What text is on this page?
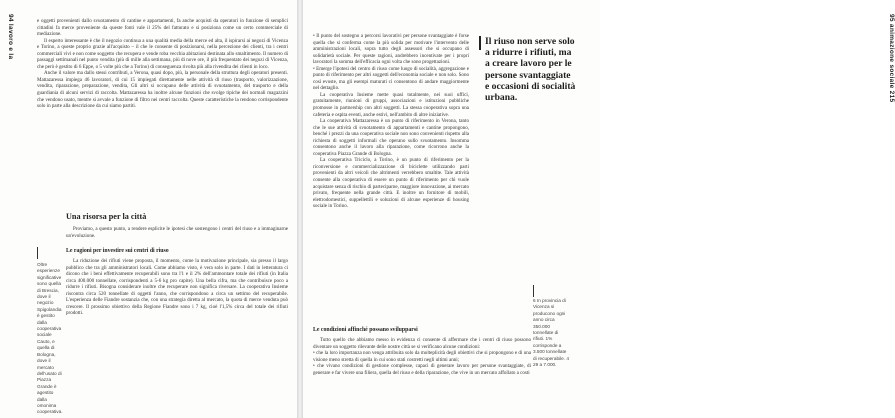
94 lavoro e la	e oggetti provenienti dallo svuotamento di cantine e appartamenti, fa anche acquisti da operatori in funzione di semplici cittadini fa merce proveniente da queste fonti vale il 25% del fatturato e si posiziona come un certo commerciale di mediazione.

Il esperto interessante è che il negozio continua a una qualità media della merce ed alta, il ispirarsi ai negozi di Vicenza e Torino, a queste proprio grazie all'acquisto – il che le consente di posizionarsi, nella percezione dei clienti, tra i centri commerciali vivi e non come soggetto che recupera e vende roba vecchia abitazioni destinata allo smaltimento. Il numero di passaggi settimanali nel punto vendita (più di mille alla settimana, più di nove ore, il più frequentato dei negozi di Vicenza, che però è gestito di 6 Eppe, o 5 volte più che a Torino) di conseguenza rivolta più alla rivendita dei clienti in loco.

Anche il valore ma dallo stessi contributi, a Verona, quasi dopo, più, la personale della struttura degli operatori presenti. Mattazaressa impiega 46 lavoratori, di cui 15 impiegati direttamente nelle attività di riuso (trasporto, valorizzazione, vendita, riparazione, preparazione, vendita, Gli altri si occupano delle attività di svuotamento, del trasporto e della guardiania di alcuni servizi di raccolta. Mattazaressa ha inoltre alcune funzioni che svolge tipiche dei normali magazzini che vendono usato, mentre si avvale a funzione di filtro nei centri raccolta. Queste caratteristiche la rendono corrispondente solo in parte alla descrizione da cui siamo partiti.

Una risorsa per la città

Proviamo, a questo punto, a rendere esplicite le ipotesi che sostengono i centri del riuso e a immaginarne un'evoluzione.

Le ragioni per investire sui centri di riuso

La riduzione dei rifiuti viene proposta, il momento, come la motivazione principale, sia presso il largo pubblico che tra gli amministratori locali. Come abbiamo visto, è vera solo in parte. I dati in letteratura ci dicono che i beni effettivamente recuperabili sono tra l'1 e il 2% dell'ammontare totale dei rifiuti (in Italia circa 400.000 tonnellate, corrispondenti a 5-6 kg pro capite). Una bella cifra, ma che contribuisce poco a ridurre i rifiuti. Bisogna considerare inoltre che recuperare non significa riversare. La cooperativa Insieme riscontra circa 520 tonnellate di oggetti l'anno, che corrispondono a circa un settimo del recuperabile. L'esperienza delle Fiandre sostanzia che, con una strategia diretta al mercato, la quota di merce venduta può crescere. Il prossimo obiettivo della Regione Fiandre sono i 7 kg, cioè l'1,5% circa del totale dei rifiuti prodotti.

Oltre esperienze significative sono quella di Brescia, dove il negozio Spigolandia è gestito dalla cooperativa sociale Cauto, e quella di Bologna, dove il mercato dell'usato di Piazza Grande è agestito dalla omonima cooperativa.
95 animazione sociale 215

• Il punto del sostegno a percorsi lavorativi per persone svantaggiate è forse quella che si conferma come la più solida per motivare l'intervento delle amministrazioni locali, sopra tutto degli assessori che si occupano di solidarietà sociale. Per queste ragioni, andrebbero incentivate per i propri lavoratori la somma dell'efficacia ogni volta che sono progettazioni.

• Emerge l'ipotesi del centro di riuso come luogo di socialità, aggregazione e punto di riferimento per altri soggetti dell'economia sociale e non solo. Sono così evoste, ma gli esempi maturati ci consentono di andare maggiormente nel dettaglio.

La cooperativa Insieme mette quasi totalmente, nei suoi uffici, gratuitamente, riunioni di gruppi, associazioni e istituzioni pubbliche promosse in partnership con altri soggetti. La stessa cooperativa sopra una cafeteria e ospita eventi, anche estivi, nell'ambito di altre iniziative.

La cooperativa Mattazaressa è un punto di riferimento in Verona, tanto che le sue attività di svuotamento di appartamenti e cantine propongono, benché i prezzi da una cooperativa sociale non sono convenienti rispetto alla richiesta di soggetti informali che operano sullo svuotamento. Insomma consentono anche il lavoro alla riparazione, come ricorrono anche la cooperativa Piazza Grande di Bologna.

La cooperativa Triciclo, a Torino, è un punto di riferimento per la riconversione e commercializzazione di biciclette utilizzando parti provenienti da altri veicoli che altrimenti verrebbero smaltite. Tale attività consente alla cooperativa di essere un punto di riferimento per chi vuole acquistare senza di rischio di parteciparne, maggiore innovazione, ai mercato privato, frequente nella grande città. E inoltre un fornitore di mobili, elettrodomestici, suppellettili e soluzioni di alcune esperienze di housing sociale in Torino.

Le condizioni affinché possano svilupparsi

Tutto quello che abbiamo messo in evidenza ci consente di affermare che i centri di riuso possono diventare un soggetto rilevante delle nostre città se si verificano alcune condizioni:

• che la loro importanza non venga attribuita solo da molteplicità degli obiettivi che si propongono e di una visione meno stretta di quella in cui sono stati costretti negli ultimi anni;

• che vivano condizioni di gestione complesse, capaci di generare lavoro per persone svantaggiate, di generare e far vivere una filiera, quella del riuso e della riparazione, che vive in un mercato affollato a costi

Il riuso non serve solo a ridurre i rifiuti, ma a creare lavoro per le persone svantaggiate e occasioni di socialità urbana.
6 In provincia di Vicenza si producono ogni anno circa 350.000 tonnellate di rifiuti. 1% corrisponde a 3.500 tonnellate di recuperabile. 4 29 a 7.000.
